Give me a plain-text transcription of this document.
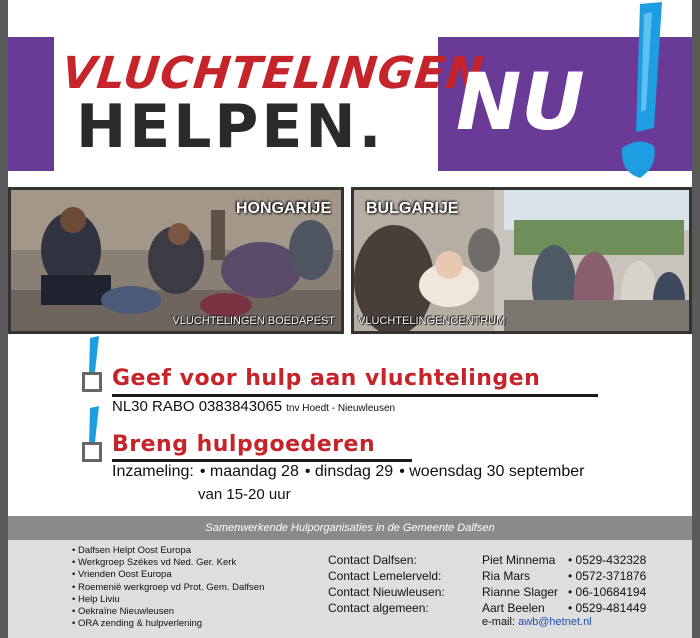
VLUCHTELINGEN
HELPEN. NU
HONGARIJE
VLUCHTELINGEN BOEDAPEST
BULGARIJE
VLUCHTELINGENCENTRUM
Geef voor hulp aan vluchtelingen
NL30 RABO 0383843065 tnv Hoedt - Nieuwleusen
Breng hulpgoederen
Inzameling: • maandag 28 • dinsdag 29 • woensdag 30 september
van 15-20 uur
Samenwerkende Hulporganisaties in de Gemeente Dalfsen
• Dalfsen Helpt Oost Europa
• Werkgroep Székes vd Ned. Ger. Kerk
• Vrienden Oost Europa
• Roemenië werkgroep vd Prot. Gem. Dalfsen
• Help Liviu
• Oekraïne Nieuwleusen
• ORA zending & hulpverlening
Contact Dalfsen:
Contact Lemelerveld:
Contact Nieuwleusen:
Contact algemeen:
Piet Minnema
Ria Mars
Rianne Slager
Aart Beelen
• 0529-432328
• 0572-371876
• 06-10684194
• 0529-481449
e-mail: awb@hetnet.nl
